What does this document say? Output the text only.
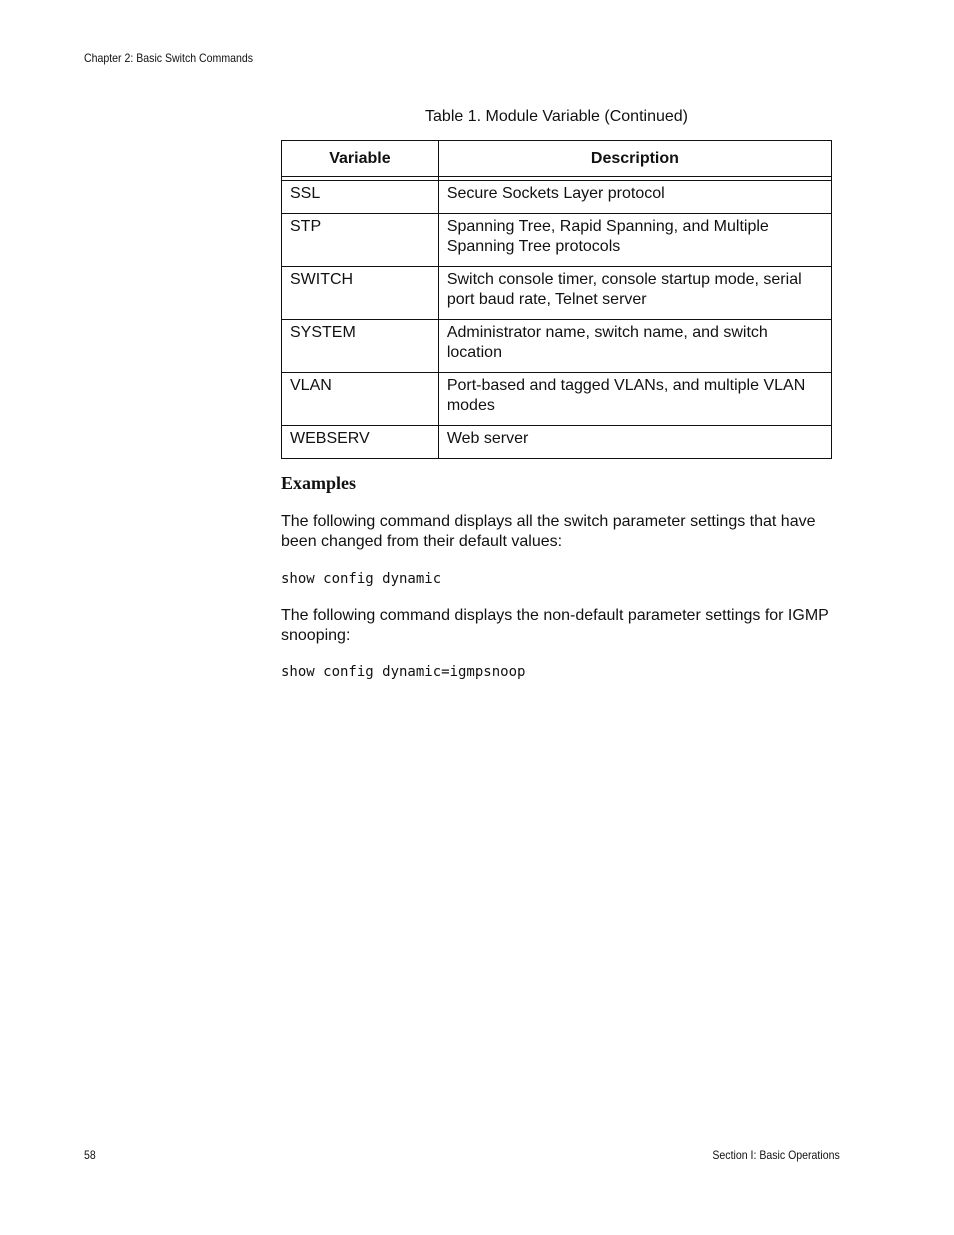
Chapter 2: Basic Switch Commands
Table 1. Module Variable (Continued)
Variable	Description

SSL	Secure Sockets Layer protocol
STP	Spanning Tree, Rapid Spanning, and Multiple Spanning Tree protocols
SWITCH	Switch console timer, console startup mode, serial port baud rate, Telnet server
SYSTEM	Administrator name, switch name, and switch location
VLAN	Port-based and tagged VLANs, and multiple VLAN modes
WEBSERV	Web server
Examples
The following command displays all the switch parameter settings that have been changed from their default values:
show config dynamic
The following command displays the non-default parameter settings for IGMP snooping:
show config dynamic=igmpsnoop
58	Section I: Basic Operations
